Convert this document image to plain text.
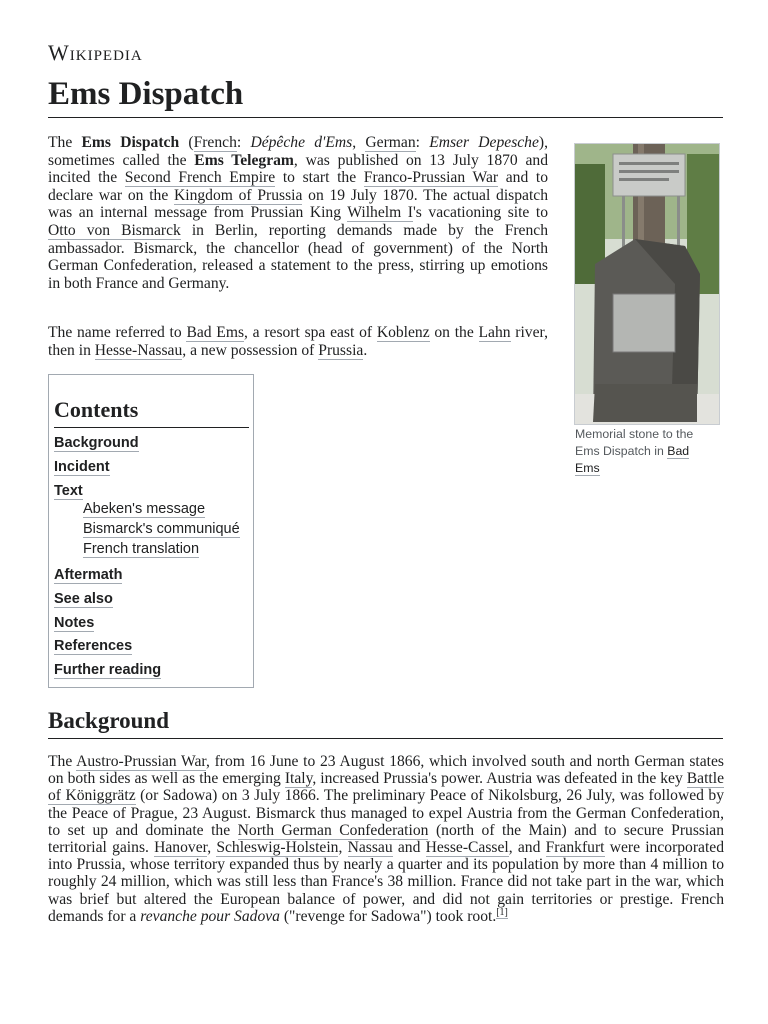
Wikipedia
Ems Dispatch

The Ems Dispatch (French: Dépêche d'Ems, German: Emser Depesche), sometimes called the Ems Telegram, was published on 13 July 1870 and incited the Second French Empire to start the Franco-Prussian War and to declare war on the Kingdom of Prussia on 19 July 1870. The actual dispatch was an internal message from Prussian King Wilhelm I's vacationing site to Otto von Bismarck in Berlin, reporting demands made by the French ambassador. Bismarck, the chancellor (head of government) of the North German Confederation, released a statement to the press, stirring up emotions in both France and Germany.

The name referred to Bad Ems, a resort spa east of Koblenz on the Lahn river, then in Hesse-Nassau, a new possession of Prussia.

Memorial stone to the Ems Dispatch in Bad Ems
Contents
Background
Incident
Text
Abeken's message
Bismarck's communiqué
French translation
Aftermath
See also
Notes
References
Further reading
Background

The Austro-Prussian War, from 16 June to 23 August 1866, which involved south and north German states on both sides as well as the emerging Italy, increased Prussia's power. Austria was defeated in the key Battle of Königgrätz (or Sadowa) on 3 July 1866. The preliminary Peace of Nikolsburg, 26 July, was followed by the Peace of Prague, 23 August. Bismarck thus managed to expel Austria from the German Confederation, to set up and dominate the North German Confederation (north of the Main) and to secure Prussian territorial gains. Hanover, Schleswig-Holstein, Nassau and Hesse-Cassel, and Frankfurt were incorporated into Prussia, whose territory expanded thus by nearly a quarter and its population by more than 4 million to roughly 24 million, which was still less than France's 38 million. France did not take part in the war, which was brief but altered the European balance of power, and did not gain territories or prestige. French demands for a revanche pour Sadova ("revenge for Sadowa") took root.[1]
